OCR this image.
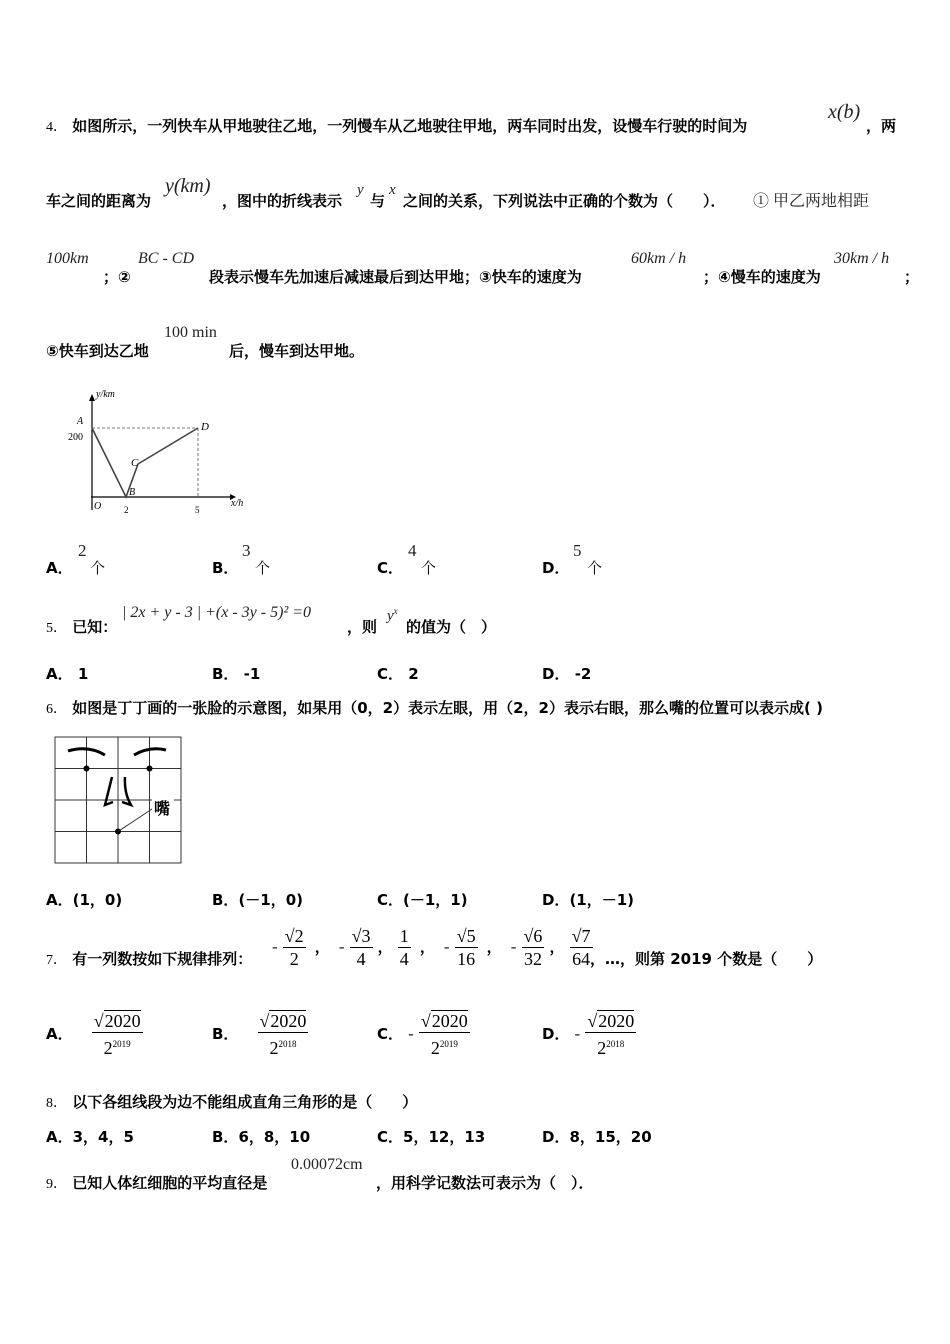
4． 如图所示，一列快车从甲地驶往乙地，一列慢车从乙地驶往甲地，两车同时出发，设慢车行驶的时间为
x(b)
，两
车之间的距离为
y(km)
，图中的折线表示
y
与
x
之间的关系，下列说法中正确的个数为（　　）． ① 甲乙两地相距
100km
；②
BC - CD
段表示慢车先加速后减速最后到达甲地；③快车的速度为
60km / h
；④慢车的速度为
30km / h
；
⑤快车到达乙地
100 min
后，慢车到达甲地。
y/km
x/h
A
200
D
C
B
O	2	5
A．
2
个	B．
3
个	C．
4
个	D．
5
个
5． 已知：
| 2x + y - 3 | +(x - 3y - 5)² =0
，则
$y^x$
的值为（　）
A． 1	B． -1	C． 2	D． -2
6． 如图是丁丁画的一张脸的示意图，如果用（0，2）表示左眼，用（2，2）表示右眼，那么嘴的位置可以表示成( )
嘴
A．(1，0)	B．(－1，0)	C．(－1，1)	D．(1，－1)
7． 有一列数按如下规律排列：
- $\frac{√2}{2}$ ， - $\frac{√3}{4}$ ， $\frac{1}{4}$ ， - $\frac{√5}{16}$ ， - $\frac{√6}{32}$ ， $\frac{√7}{64}$
，…，则第 2019 个数是（　　）
A． $\frac{√2020}{2^{2019}}$	B． $\frac{√2020}{2^{2018}}$	C． - $\frac{√2020}{2^{2019}}$	D． - $\frac{√2020}{2^{2018}}$
8． 以下各组线段为边不能组成直角三角形的是（　　）
A．3，4，5	B．6，8，10	C．5，12，13	D．8，15，20
9． 已知人体红细胞的平均直径是
0.00072cm
，用科学记数法可表示为（　）．
